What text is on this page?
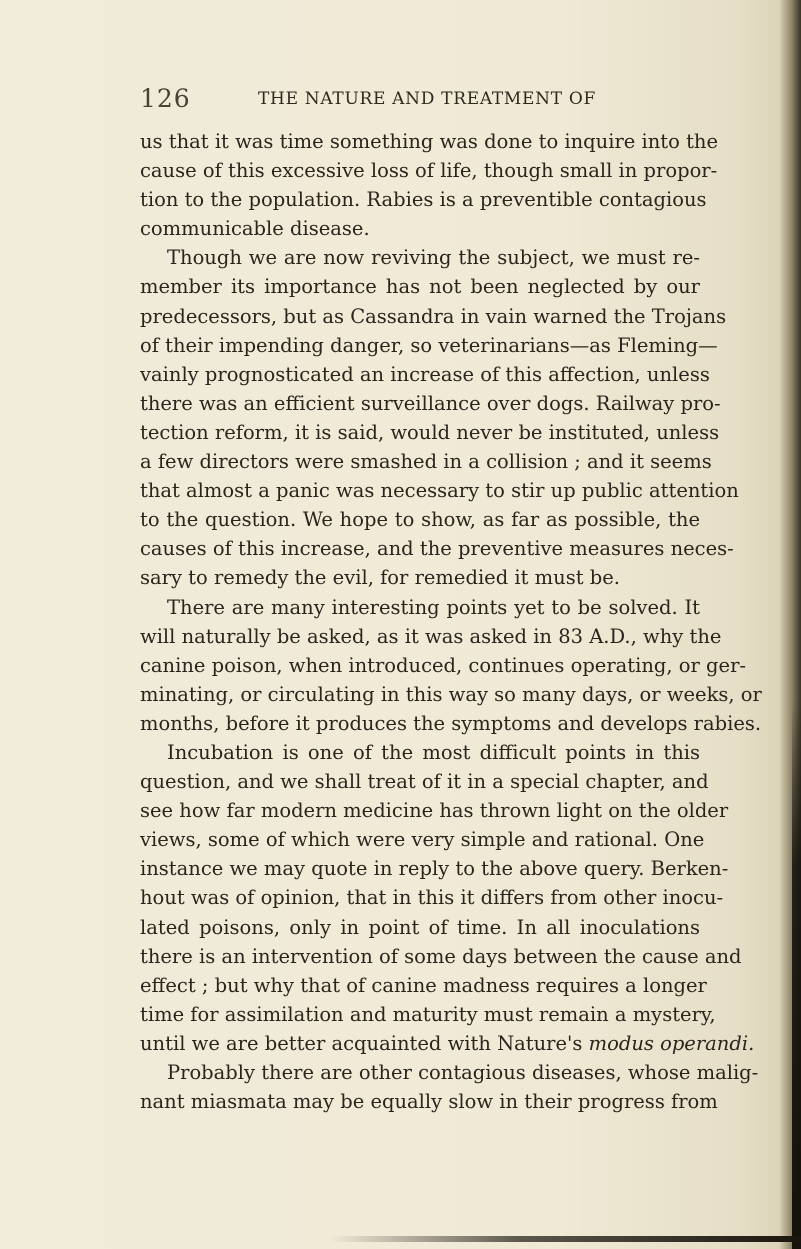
126	THE NATURE AND TREATMENT OF
us that it was time something was done to inquire into the
cause of this excessive loss of life, though small in propor-
tion to the population. Rabies is a preventible contagious
communicable disease.
Though we are now reviving the subject, we must re-
member its importance has not been neglected by our
predecessors, but as Cassandra in vain warned the Trojans
of their impending danger, so veterinarians—as Fleming—
vainly prognosticated an increase of this affection, unless
there was an efficient surveillance over dogs. Railway pro-
tection reform, it is said, would never be instituted, unless
a few directors were smashed in a collision ; and it seems
that almost a panic was necessary to stir up public attention
to the question. We hope to show, as far as possible, the
causes of this increase, and the preventive measures neces-
sary to remedy the evil, for remedied it must be.
There are many interesting points yet to be solved. It
will naturally be asked, as it was asked in 83 A.D., why the
canine poison, when introduced, continues operating, or ger-
minating, or circulating in this way so many days, or weeks, or
months, before it produces the symptoms and develops rabies.
Incubation is one of the most difficult points in this
question, and we shall treat of it in a special chapter, and
see how far modern medicine has thrown light on the older
views, some of which were very simple and rational. One
instance we may quote in reply to the above query. Berken-
hout was of opinion, that in this it differs from other inocu-
lated poisons, only in point of time. In all inoculations
there is an intervention of some days between the cause and
effect ; but why that of canine madness requires a longer
time for assimilation and maturity must remain a mystery,
until we are better acquainted with Nature's modus operandi.
Probably there are other contagious diseases, whose malig-
nant miasmata may be equally slow in their progress from
